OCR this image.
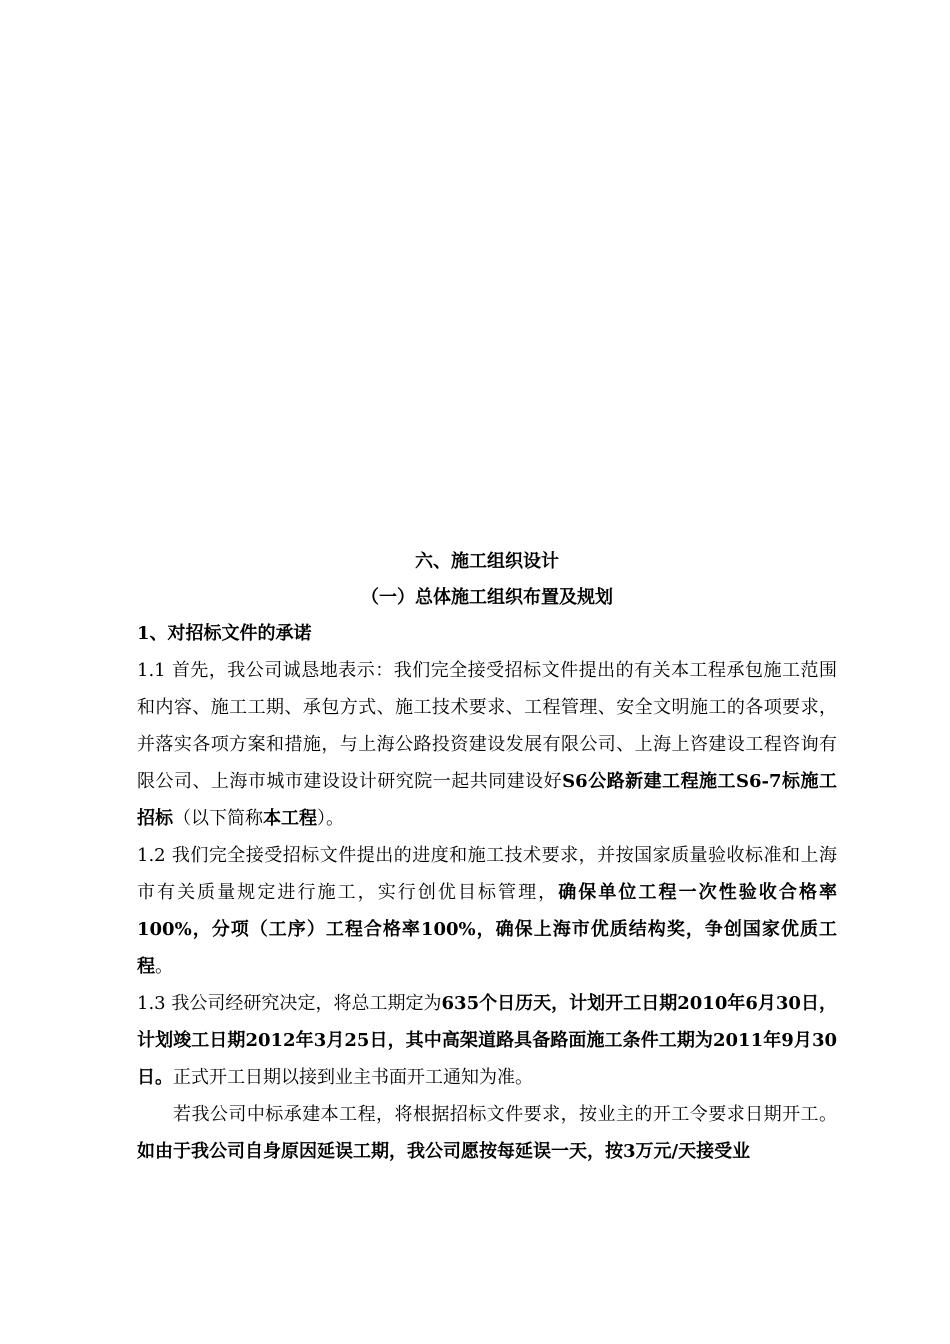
六、施工组织设计

（一）总体施工组织布置及规划

1、对招标文件的承诺

1.1 首先，我公司诚恳地表示：我们完全接受招标文件提出的有关本工程承包施工范围和内容、施工工期、承包方式、施工技术要求、工程管理、安全文明施工的各项要求，并落实各项方案和措施，与上海公路投资建设发展有限公司、上海上咨建设工程咨询有限公司、上海市城市建设设计研究院一起共同建设好S6公路新建工程施工S6-7标施工招标（以下简称本工程）。

1.2 我们完全接受招标文件提出的进度和施工技术要求，并按国家质量验收标准和上海市有关质量规定进行施工，实行创优目标管理，确保单位工程一次性验收合格率100%，分项（工序）工程合格率100%，确保上海市优质结构奖，争创国家优质工程。

1.3 我公司经研究决定，将总工期定为635个日历天，计划开工日期2010年6月30日，计划竣工日期2012年3月25日，其中高架道路具备路面施工条件工期为2011年9月30日。正式开工日期以接到业主书面开工通知为准。

若我公司中标承建本工程，将根据招标文件要求，按业主的开工令要求日期开工。如由于我公司自身原因延误工期，我公司愿按每延误一天，按3万元/天接受业
